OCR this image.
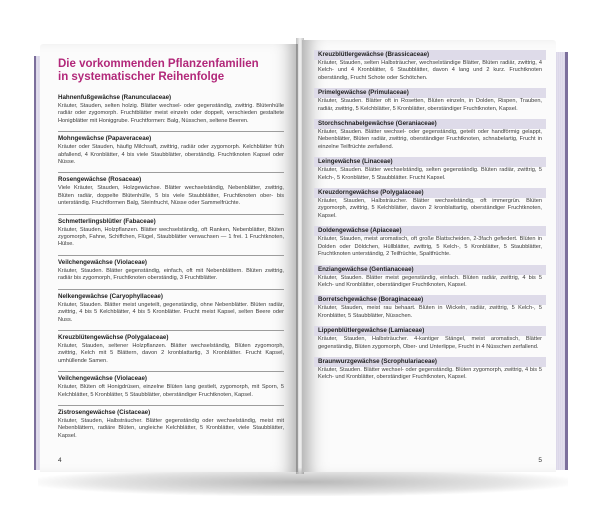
Die vorkommenden Pflanzenfamilien
in systematischer Reihenfolge
Hahnenfußgewächse (Ranunculaceae)
Kräuter, Stauden, selten holzig. Blätter wechsel- oder gegenständig, zwittrig. Blütenhülle radiär oder zygomorph. Fruchtblätter meist einzeln oder doppelt, verschieden gestaltete Honigblätter mit Honiggrube. Fruchtformen: Balg, Nüsschen, seltene Beeren.
Mohngewächse (Papaveraceae)
Kräuter oder Stauden, häufig Milchsaft, zwittrig, radiär oder zygomorph. Kelchblätter früh abfallend, 4 Kronblätter, 4 bis viele Staubblätter, oberständig. Fruchtknoten Kapsel oder Nüsse.
Rosengewächse (Rosaceae)
Viele Kräuter, Stauden, Holzgewächse. Blätter wechselständig, Nebenblätter, zwittrig, Blüten radiär, doppelte Blütenhülle, 5 bis viele Staubblätter, Fruchtknoten ober- bis unterständig. Fruchtformen Balg, Steinfrucht, Nüsse oder Sammelfrüchte.
Schmetterlingsblütler (Fabaceae)
Kräuter, Stauden, Holzpflanzen. Blätter wechselständig, oft Ranken, Nebenblätter, Blüten zygomorph, Fahne, Schiffchen, Flügel, Staubblätter verwachsen — 1 frei. 1 Fruchtknoten, Hülse.
Veilchengewächse (Violaceae)
Kräuter, Stauden. Blätter gegenständig, einfach, oft mit Nebenblättern. Blüten zwittrig, radiär bis zygomorph, Fruchtknoten oberständig, 3 Fruchtblätter.
Nelkengewächse (Caryophyllaceae)
Kräuter, Stauden. Blätter meist ungeteilt, gegenständig, ohne Nebenblätter. Blüten radiär, zwittrig, 4 bis 5 Kelchblätter, 4 bis 5 Kronblätter. Frucht meist Kapsel, selten Beere oder Nuss.
Kreuzblütengewächse (Polygalaceae)
Kräuter, Stauden, seltener Holzpflanzen. Blätter wechselständig, Blüten zygomorph, zwittrig, Kelch mit 5 Blättern, davon 2 kronblattartig, 3 Kronblätter. Frucht Kapsel, umhüllende Samen.
Veilchengewächse (Violaceae)
Kräuter, Blüten oft Honigdrüsen, einzelne Blüten lang gestielt, zygomorph, mit Sporn, 5 Kelchblätter, 5 Kronblätter, 5 Staubblätter, oberständiger Fruchtknoten, Kapsel.
Zistrosengewächse (Cistaceae)
Kräuter, Stauden, Halbsträucher. Blätter gegenständig oder wechselständig, meist mit Nebenblättern, radiäre Blüten, ungleiche Kelchblätter, 5 Kronblätter, viele Staubblätter, Kapsel.
4
Kreuzblütlergewächse (Brassicaceae)
Kräuter, Stauden, selten Halbsträucher, wechselständige Blätter, Blüten radiär, zwittrig, 4 Kelch- und 4 Kronblätter, 6 Staubblätter, davon 4 lang und 2 kurz. Fruchtknoten oberständig, Frucht Schote oder Schötchen.
Primelgewächse (Primulaceae)
Kräuter, Stauden. Blätter oft in Rosetten, Blüten einzeln, in Dolden, Rispen, Trauben, radiär, zwittrig, 5 Kelchblätter, 5 Kronblätter, oberständiger Fruchtknoten, Kapsel.
Storchschnabelgewächse (Geraniaceae)
Kräuter, Stauden. Blätter wechsel- oder gegenständig, geteilt oder handförmig gelappt, Nebenblätter, Blüten radiär, zwittrig, oberständiger Fruchtknoten, schnabelartig, Frucht in einzelne Teilfrüchte zerfallend.
Leingewächse (Linaceae)
Kräuter, Stauden. Blätter wechselständig, selten gegenständig. Blüten radiär, zwittrig, 5 Kelch-, 5 Kronblätter, 5 Staubblätter. Frucht Kapsel.
Kreuzdorngewächse (Polygalaceae)
Kräuter, Stauden, Halbsträucher. Blätter wechselständig, oft immergrün. Blüten zygomorph, zwittrig, 5 Kelchblätter, davon 2 kronblattartig, oberständiger Fruchtknoten, Kapsel.
Doldengewächse (Apiaceae)
Kräuter, Stauden, meist aromatisch, oft große Blattscheiden, 2-3fach gefiedert. Blüten in Dolden oder Döldchen, Hüllblätter, zwittrig, 5 Kelch-, 5 Kronblätter, 5 Staubblätter, Fruchtknoten unterständig, 2 Teilfrüchte, Spaltfrüchte.
Enziangewächse (Gentianaceae)
Kräuter, Stauden. Blätter meist gegenständig, einfach. Blüten radiär, zwittrig, 4 bis 5 Kelch- und Kronblätter, oberständiger Fruchtknoten, Kapsel.
Borretschgewächse (Boraginaceae)
Kräuter, Stauden, meist rau behaart. Blüten in Wickeln, radiär, zwittrig, 5 Kelch-, 5 Kronblätter, 5 Staubblätter, Nüsschen.
Lippenblütlergewächse (Lamiaceae)
Kräuter, Stauden, Halbsträucher. 4-kantiger Stängel, meist aromatisch, Blätter gegenständig, Blüten zygomorph, Ober- und Unterlippe, Frucht in 4 Nüsschen zerfallend.
Braunwurzgewächse (Scrophulariaceae)
Kräuter, Stauden. Blätter wechsel- oder gegenständig. Blüten zygomorph, zwittrig, 4 bis 5 Kelch- und Kronblätter, oberständiger Fruchtknoten, Kapsel.
5
